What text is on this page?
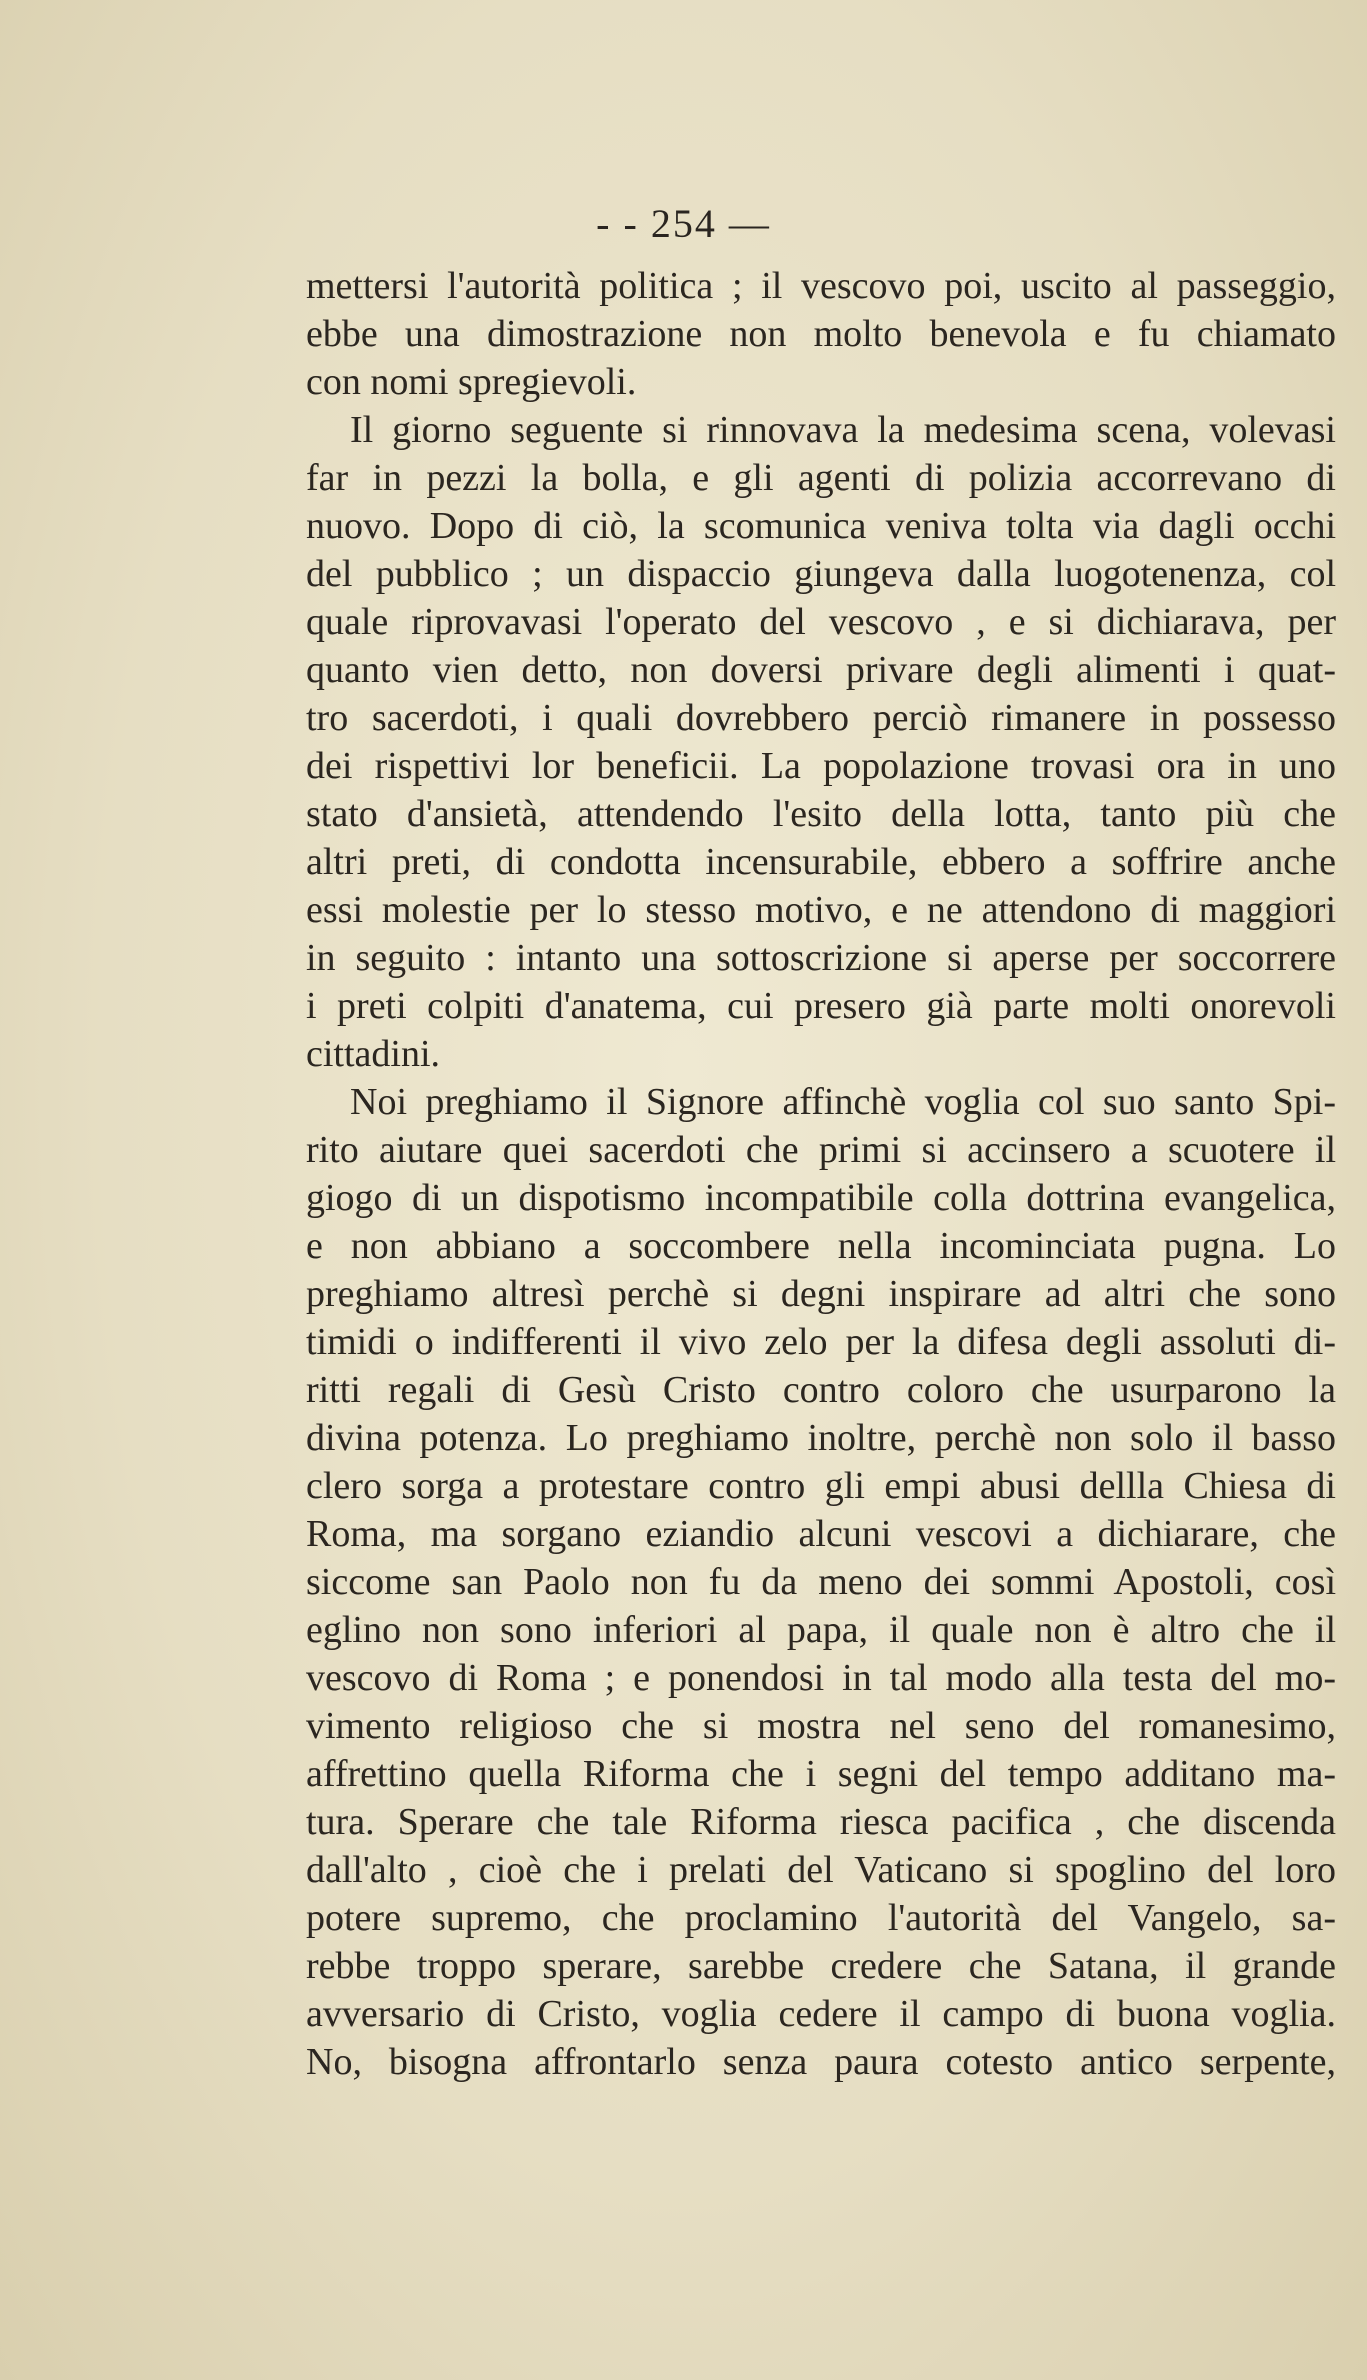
- - 254 —
mettersi l'autorità politica ; il vescovo poi, uscito al passeggio,
ebbe una dimostrazione non molto benevola e fu chiamato
con nomi spregievoli.
Il giorno seguente si rinnovava la medesima scena, volevasi
far in pezzi la bolla, e gli agenti di polizia accorrevano di
nuovo. Dopo di ciò, la scomunica veniva tolta via dagli occhi
del pubblico ; un dispaccio giungeva dalla luogotenenza, col
quale riprovavasi l'operato del vescovo , e si dichiarava, per
quanto vien detto, non doversi privare degli alimenti i quat-
tro sacerdoti, i quali dovrebbero perciò rimanere in possesso
dei rispettivi lor beneficii. La popolazione trovasi ora in uno
stato d'ansietà, attendendo l'esito della lotta, tanto più che
altri preti, di condotta incensurabile, ebbero a soffrire anche
essi molestie per lo stesso motivo, e ne attendono di maggiori
in seguito : intanto una sottoscrizione si aperse per soccorrere
i preti colpiti d'anatema, cui presero già parte molti onorevoli
cittadini.
Noi preghiamo il Signore affinchè voglia col suo santo Spi-
rito aiutare quei sacerdoti che primi si accinsero a scuotere il
giogo di un dispotismo incompatibile colla dottrina evangelica,
e non abbiano a soccombere nella incominciata pugna. Lo
preghiamo altresì perchè si degni inspirare ad altri che sono
timidi o indifferenti il vivo zelo per la difesa degli assoluti di-
ritti regali di Gesù Cristo contro coloro che usurparono la
divina potenza. Lo preghiamo inoltre, perchè non solo il basso
clero sorga a protestare contro gli empi abusi dellla Chiesa di
Roma, ma sorgano eziandio alcuni vescovi a dichiarare, che
siccome san Paolo non fu da meno dei sommi Apostoli, così
eglino non sono inferiori al papa, il quale non è altro che il
vescovo di Roma ; e ponendosi in tal modo alla testa del mo-
vimento religioso che si mostra nel seno del romanesimo,
affrettino quella Riforma che i segni del tempo additano ma-
tura. Sperare che tale Riforma riesca pacifica , che discenda
dall'alto , cioè che i prelati del Vaticano si spoglino del loro
potere supremo, che proclamino l'autorità del Vangelo, sa-
rebbe troppo sperare, sarebbe credere che Satana, il grande
avversario di Cristo, voglia cedere il campo di buona voglia.
No, bisogna affrontarlo senza paura cotesto antico serpente,
